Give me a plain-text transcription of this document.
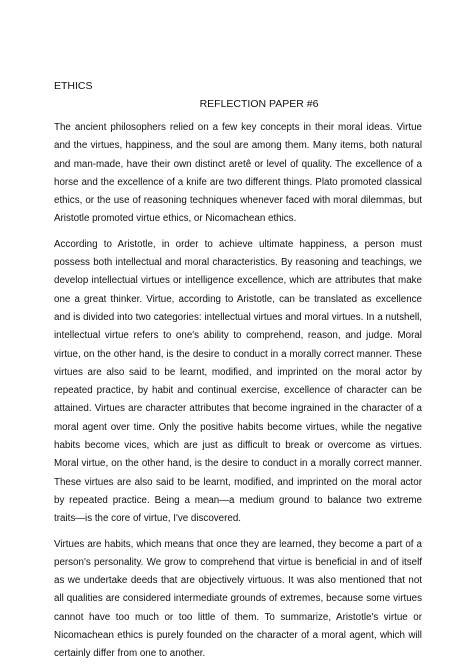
ETHICS
REFLECTION PAPER #6

The ancient philosophers relied on a few key concepts in their moral ideas. Virtue and the virtues, happiness, and the soul are among them. Many items, both natural and man-made, have their own distinct aretê or level of quality. The excellence of a horse and the excellence of a knife are two different things. Plato promoted classical ethics, or the use of reasoning techniques whenever faced with moral dilemmas, but Aristotle promoted virtue ethics, or Nicomachean ethics.

According to Aristotle, in order to achieve ultimate happiness, a person must possess both intellectual and moral characteristics. By reasoning and teachings, we develop intellectual virtues or intelligence excellence, which are attributes that make one a great thinker. Virtue, according to Aristotle, can be translated as excellence and is divided into two categories: intellectual virtues and moral virtues. In a nutshell, intellectual virtue refers to one's ability to comprehend, reason, and judge. Moral virtue, on the other hand, is the desire to conduct in a morally correct manner. These virtues are also said to be learnt, modified, and imprinted on the moral actor by repeated practice, by habit and continual exercise, excellence of character can be attained. Virtues are character attributes that become ingrained in the character of a moral agent over time. Only the positive habits become virtues, while the negative habits become vices, which are just as difficult to break or overcome as virtues. Moral virtue, on the other hand, is the desire to conduct in a morally correct manner. These virtues are also said to be learnt, modified, and imprinted on the moral actor by repeated practice. Being a mean—a medium ground to balance two extreme traits—is the core of virtue, I've discovered.

Virtues are habits, which means that once they are learned, they become a part of a person's personality. We grow to comprehend that virtue is beneficial in and of itself as we undertake deeds that are objectively virtuous. It was also mentioned that not all qualities are considered intermediate grounds of extremes, because some virtues cannot have too much or too little of them. To summarize, Aristotle's virtue or Nicomachean ethics is purely founded on the character of a moral agent, which will certainly differ from one to another.
